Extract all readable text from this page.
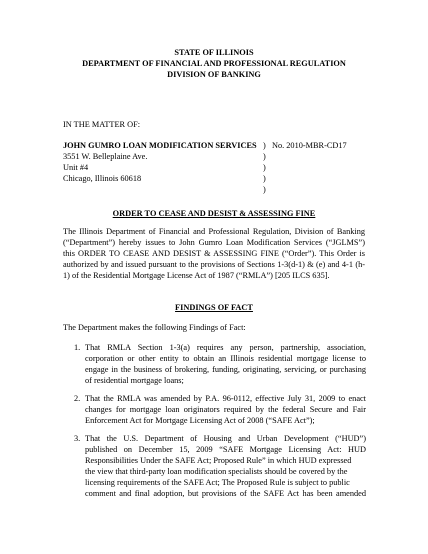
STATE OF ILLINOIS
DEPARTMENT OF FINANCIAL AND PROFESSIONAL REGULATION
DIVISION OF BANKING
IN THE MATTER OF:
JOHN GUMRO LOAN MODIFICATION SERVICES
3551 W. Belleplaine Ave.
Unit #4
Chicago, Illinois 60618
) No. 2010-MBR-CD17
)
)
)
)
ORDER TO CEASE AND DESIST & ASSESSING FINE
The Illinois Department of Financial and Professional Regulation, Division of Banking
(“Department”) hereby issues to John Gumro Loan Modification Services (“JGLMS”)
this ORDER TO CEASE AND DESIST & ASSESSING FINE (“Order”). This Order is
authorized by and issued pursuant to the provisions of Sections 1-3(d-1) & (e) and 4-1 (h-
1) of the Residential Mortgage License Act of 1987 (“RMLA”) [205 ILCS 635].
FINDINGS OF FACT
The Department makes the following Findings of Fact:
1. That RMLA Section 1-3(a) requires any person, partnership, association,
corporation or other entity to obtain an Illinois residential mortgage license to
engage in the business of brokering, funding, originating, servicing, or purchasing
of residential mortgage loans;
2. That the RMLA was amended by P.A. 96-0112, effective July 31, 2009 to enact
changes for mortgage loan originators required by the federal Secure and Fair
Enforcement Act for Mortgage Licensing Act of 2008 (“SAFE Act”);
3. That the U.S. Department of Housing and Urban Development (“HUD”)
published on December 15, 2009 “SAFE Mortgage Licensing Act: HUD
Responsibilities Under the SAFE Act; Proposed Rule” in which HUD expressed
the view that third-party loan modification specialists should be covered by the
licensing requirements of the SAFE Act; The Proposed Rule is subject to public
comment and final adoption, but provisions of the SAFE Act has been amended
